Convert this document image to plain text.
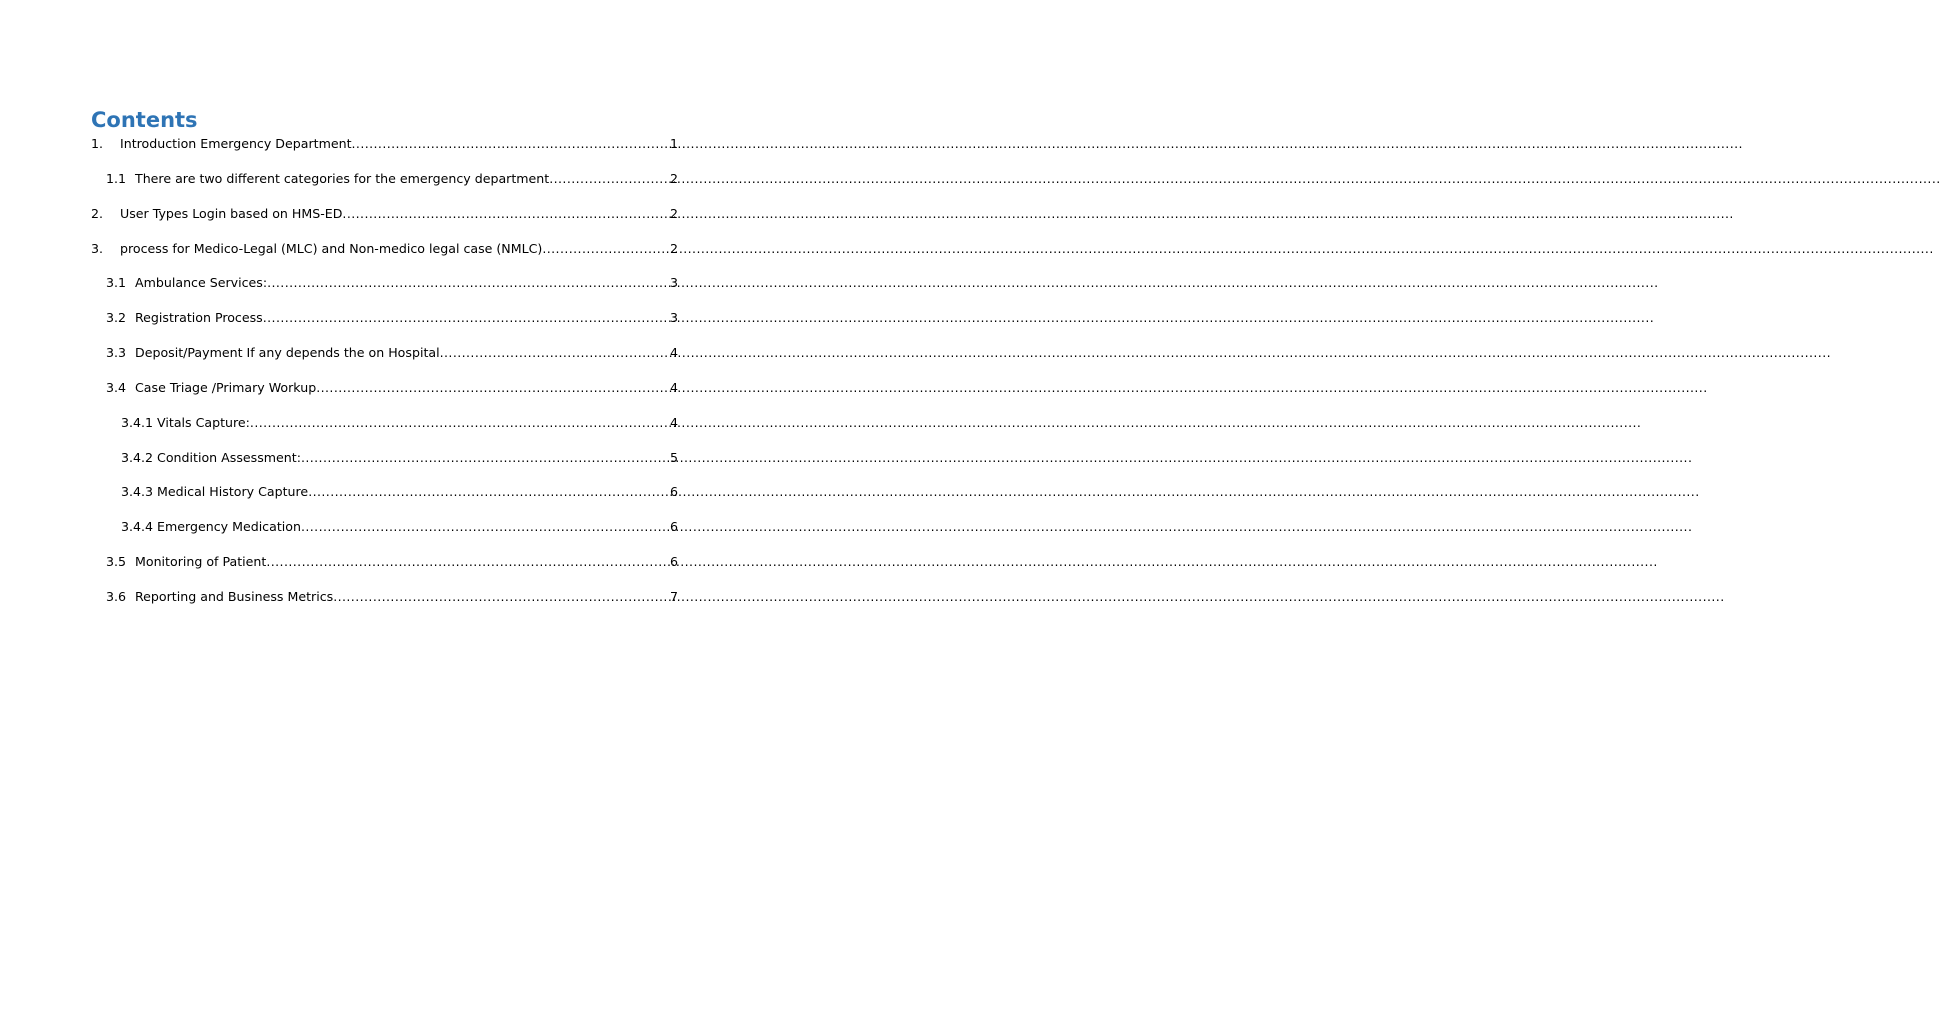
Contents
1.	Introduction Emergency Department .....	1
1.1 There are two different categories for the emergency department .....	2
2.	User Types Login based on HMS-ED .....	2
3.	process for Medico-Legal (MLC) and Non-medico legal case (NMLC) .....	2
3.1 Ambulance Services: .....	3
3.2 Registration Process .....	3
3.3 Deposit/Payment If any depends the on Hospital .....	4
3.4 Case Triage /Primary Workup .....	4
3.4.1 Vitals Capture: .....	4
3.4.2 Condition Assessment: .....	5
3.4.3 Medical History Capture .....	6
3.4.4 Emergency Medication .....	6
3.5 Monitoring of Patient .....	6
3.6 Reporting and Business Metrics .....	7
